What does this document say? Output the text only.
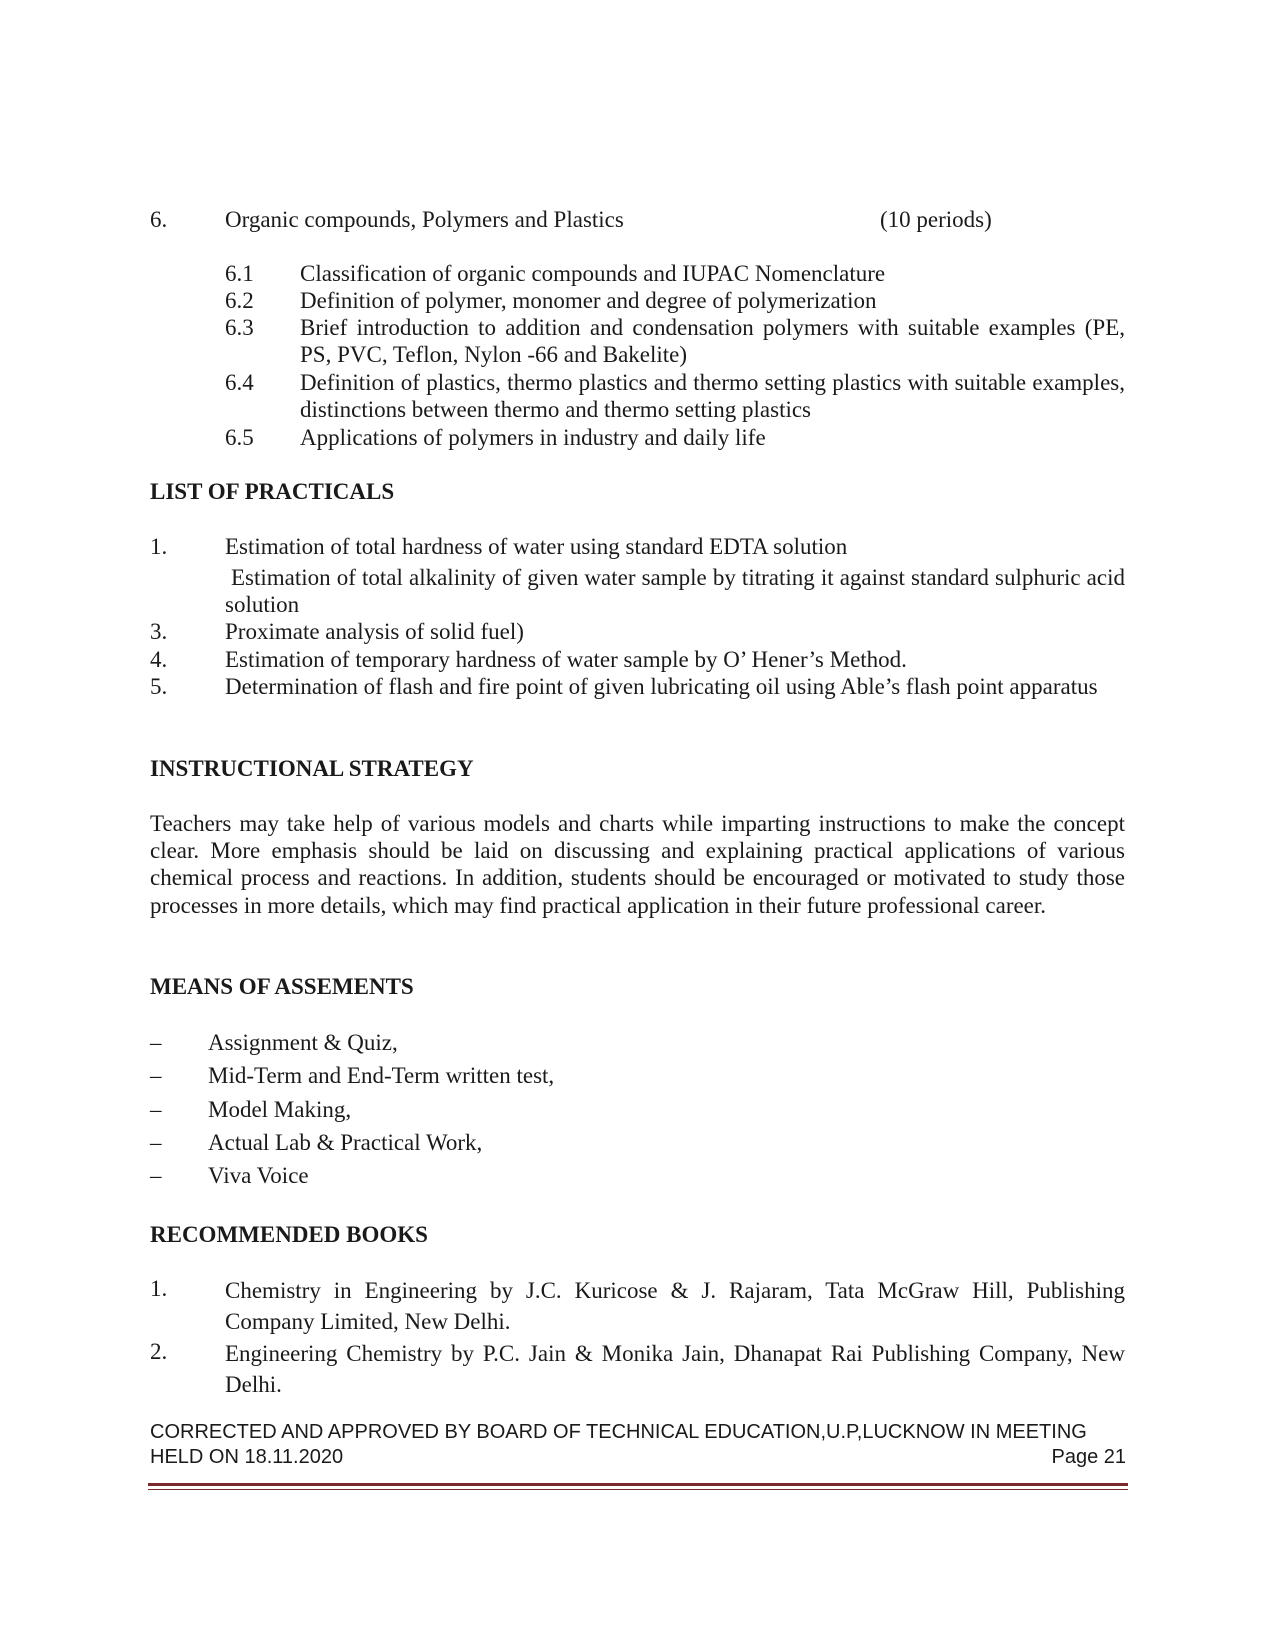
6.	Organic compounds, Polymers and Plastics	(10 periods)
6.1 Classification of organic compounds and IUPAC Nomenclature
6.2 Definition of polymer, monomer and degree of polymerization
6.3 Brief introduction to addition and condensation polymers with suitable examples (PE, PS, PVC, Teflon, Nylon -66 and Bakelite)
6.4 Definition of plastics, thermo plastics and thermo setting plastics with suitable examples, distinctions between thermo and thermo setting plastics
6.5 Applications of polymers in industry and daily life
LIST OF PRACTICALS
1.	Estimation of total hardness of water using standard EDTA solution
Estimation of total alkalinity of given water sample by titrating it against standard sulphuric acid solution
3.	Proximate analysis of solid fuel)
4.	Estimation of temporary hardness of water sample by O’ Hener’s Method.
5.	Determination of flash and fire point of given lubricating oil using Able’s flash point apparatus
INSTRUCTIONAL STRATEGY
Teachers may take help of various models and charts while imparting instructions to make the concept clear. More emphasis should be laid on discussing and explaining practical applications of various chemical process and reactions. In addition, students should be encouraged or motivated to study those processes in more details, which may find practical application in their future professional career.
MEANS OF ASSEMENTS
– Assignment & Quiz,
– Mid-Term and End-Term written test,
– Model Making,
– Actual Lab & Practical Work,
– Viva Voice
RECOMMENDED BOOKS
1.	Chemistry in Engineering by J.C. Kuricose & J. Rajaram, Tata McGraw Hill, Publishing Company Limited, New Delhi.
2.	Engineering Chemistry by P.C. Jain & Monika Jain, Dhanapat Rai Publishing Company, New Delhi.
CORRECTED AND APPROVED BY BOARD OF TECHNICAL EDUCATION,U.P,LUCKNOW IN MEETING
HELD ON 18.11.2020	Page 21
